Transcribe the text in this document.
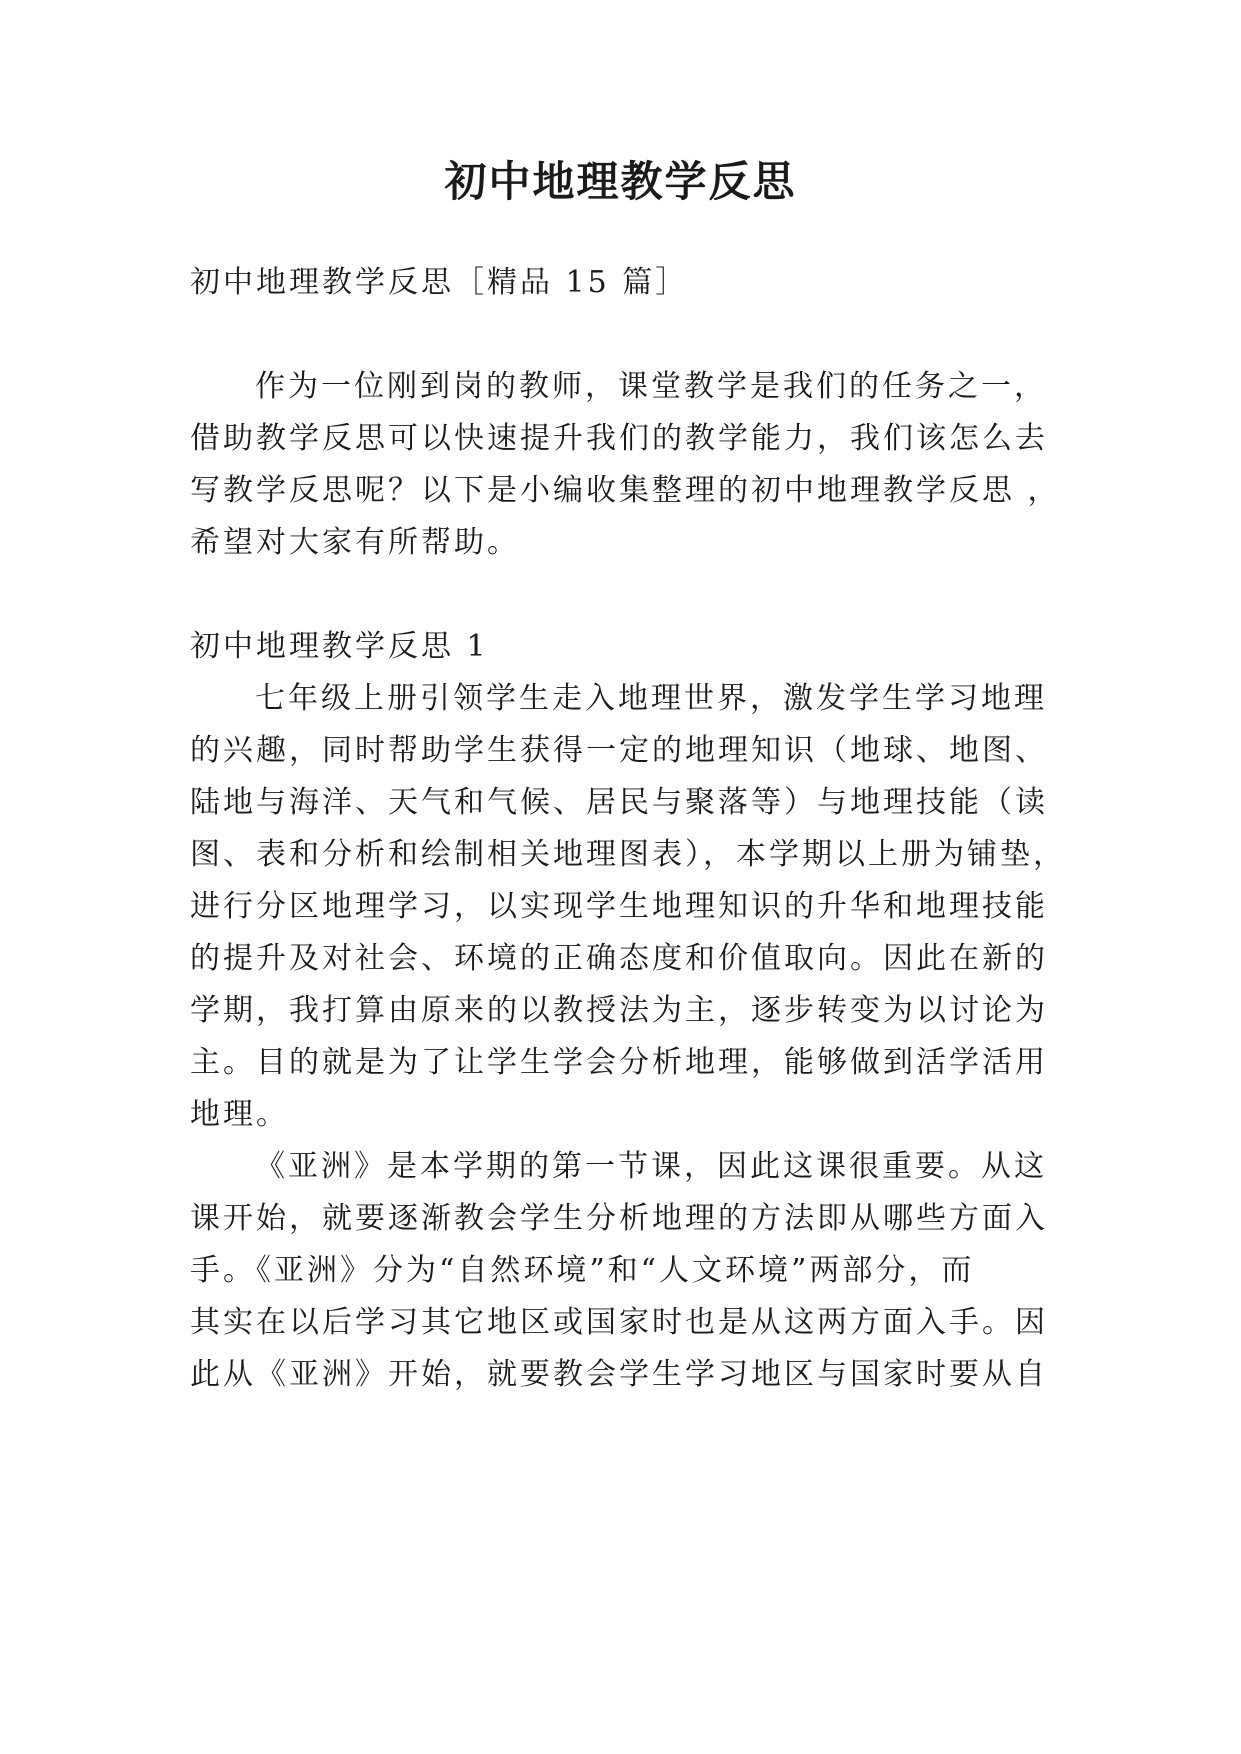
初中地理教学反思

初中地理教学反思［精品 15 篇］

作为一位刚到岗的教师，课堂教学是我们的任务之一，

借助教学反思可以快速提升我们的教学能力，我们该怎么去

写教学反思呢？以下是小编收集整理的初中地理教学反思 ，

希望对大家有所帮助。

初中地理教学反思 1

七年级上册引领学生走入地理世界，激发学生学习地理

的兴趣，同时帮助学生获得一定的地理知识（地球、地图、

陆地与海洋、天气和气候、居民与聚落等）与地理技能（读

图、表和分析和绘制相关地理图表），本学期以上册为铺垫，

进行分区地理学习，以实现学生地理知识的升华和地理技能

的提升及对社会、环境的正确态度和价值取向。因此在新的

学期，我打算由原来的以教授法为主，逐步转变为以讨论为

主。目的就是为了让学生学会分析地理，能够做到活学活用

地理。

《亚洲》是本学期的第一节课，因此这课很重要。从这

课开始，就要逐渐教会学生分析地理的方法即从哪些方面入

手。《亚洲》分为“自然环境”和“人文环境”两部分，而

其实在以后学习其它地区或国家时也是从这两方面入手。因

此从《亚洲》开始，就要教会学生学习地区与国家时要从自
